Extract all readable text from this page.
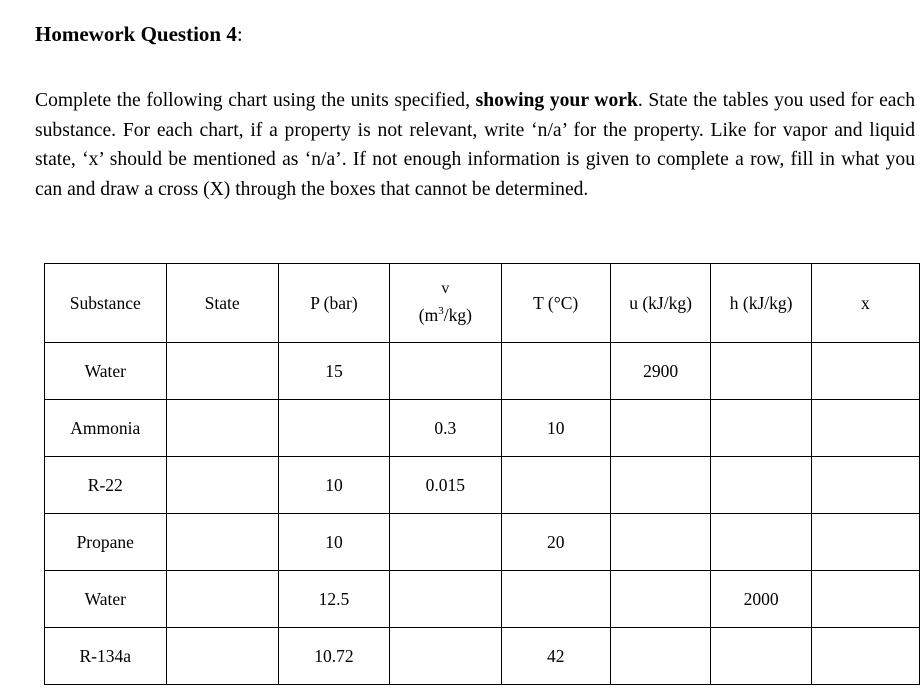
Homework Question 4:

Complete the following chart using the units specified, showing your work. State the tables you used for each substance. For each chart, if a property is not relevant, write ‘n/a’ for the property. Like for vapor and liquid state, ‘x’ should be mentioned as ‘n/a’. If not enough information is given to complete a row, fill in what you can and draw a cross (X) through the boxes that cannot be determined.

Substance	State	P (bar)	v
$(m^3/kg)$	T (°C)	u (kJ/kg)	h (kJ/kg)	x
Water		15			2900		
Ammonia			0.3	10			
R-22		10	0.015				
Propane		10		20			
Water		12.5				2000	
R-134a		10.72		42			
